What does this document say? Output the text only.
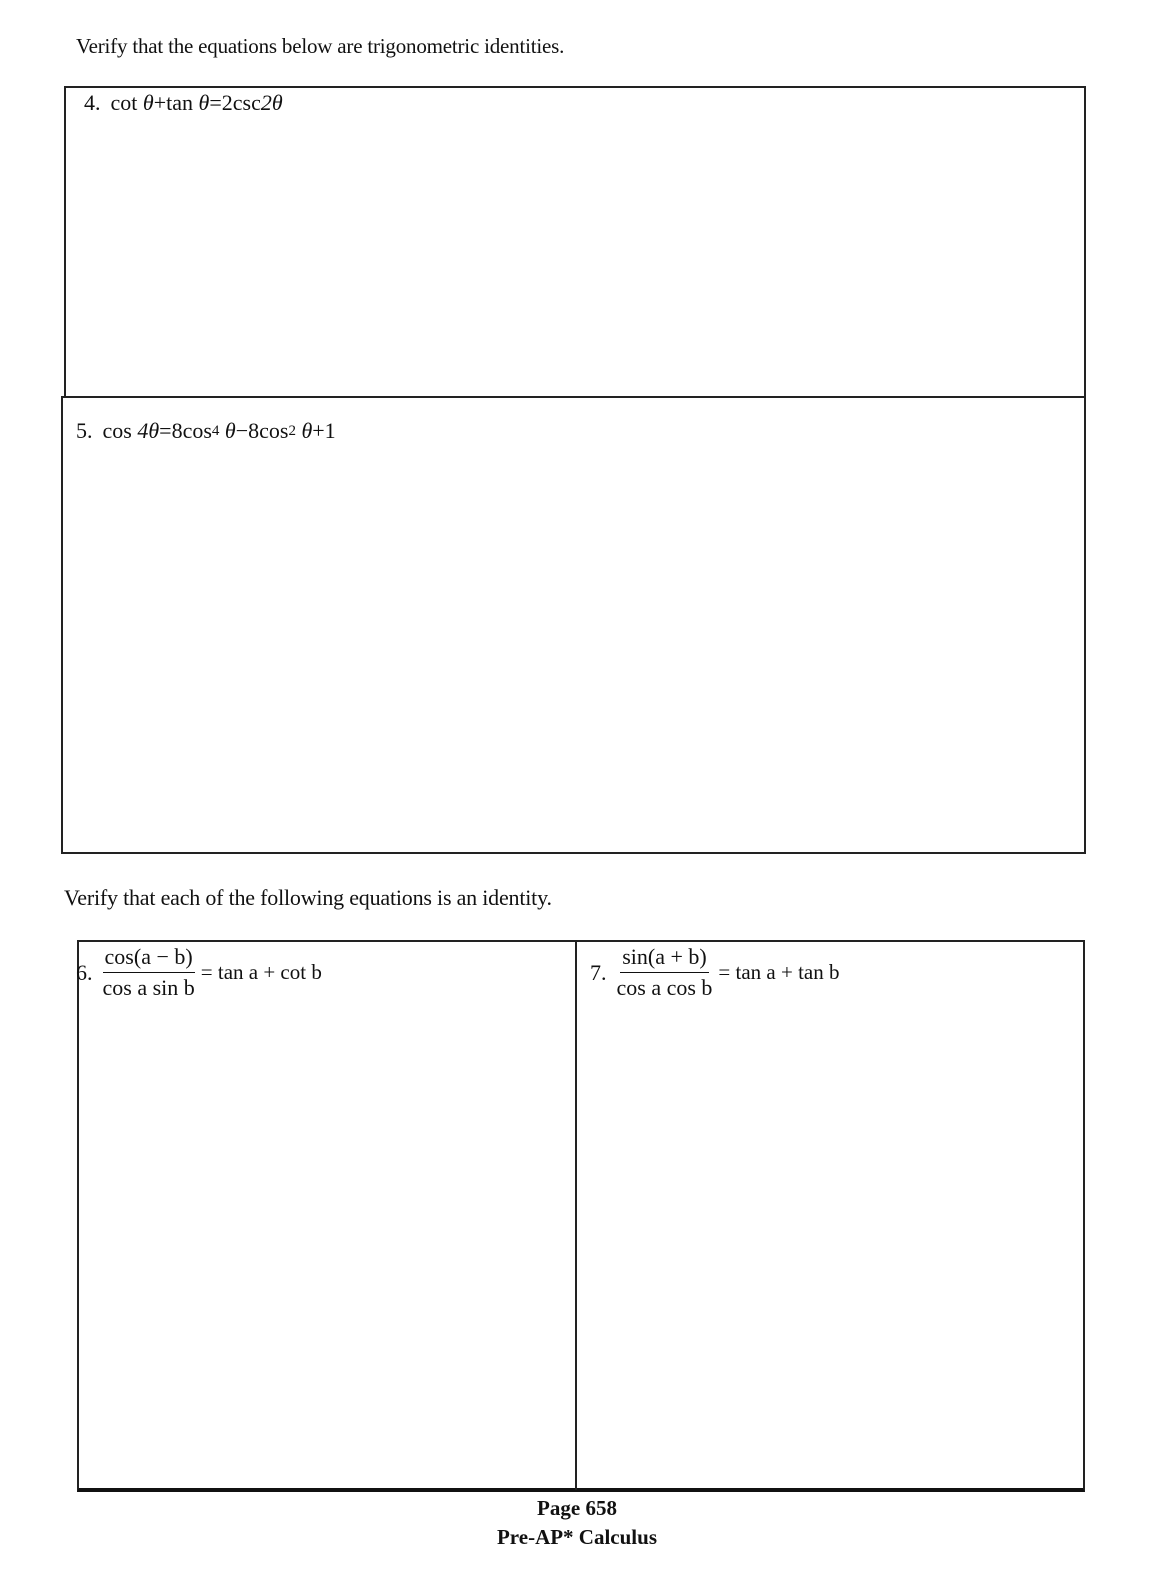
Verify that the equations below are trigonometric identities.
4. cot
θ + tan
θ = 2csc 2θ
5. cos
4θ = 8cos 4
θ −8cos 2
θ +1
Verify that each of the following equations is an identity.
6. $\frac{\cos(a - b)}{\text{cos a sin b}} = \tan a + \cot b$	7. $\frac{\sin(a + b)}{\text{cos a cos b}} = \tan a + \tan b$
Page 658
Pre-AP* Calculus
